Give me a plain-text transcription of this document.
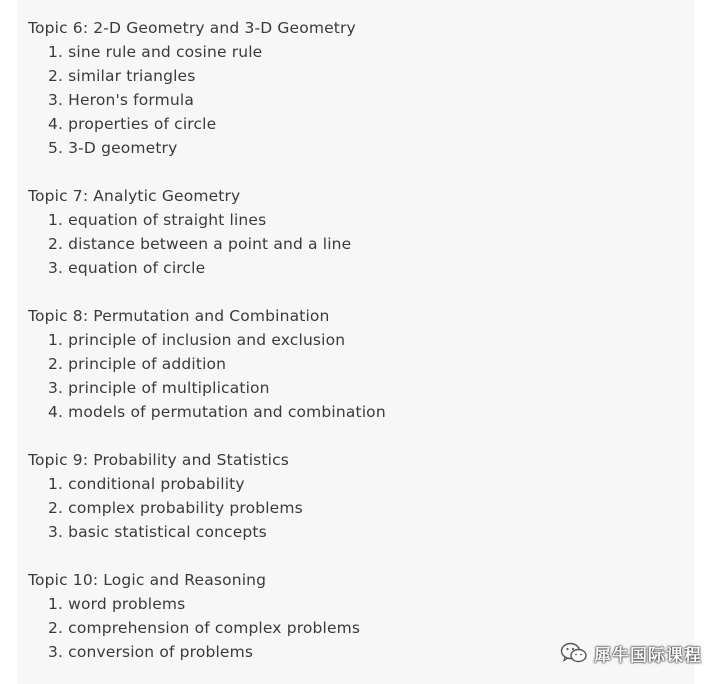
Topic 6: 2-D Geometry and 3-D Geometry
1. sine rule and cosine rule
2. similar triangles
3. Heron's formula
4. properties of circle
5. 3-D geometry
Topic 7: Analytic Geometry
1. equation of straight lines
2. distance between a point and a line
3. equation of circle
Topic 8: Permutation and Combination
1. principle of inclusion and exclusion
2. principle of addition
3. principle of multiplication
4. models of permutation and combination
Topic 9: Probability and Statistics
1. conditional probability
2. complex probability problems
3. basic statistical concepts
Topic 10: Logic and Reasoning
1. word problems
2. comprehension of complex problems
3. conversion of problems	犀牛国际课程
